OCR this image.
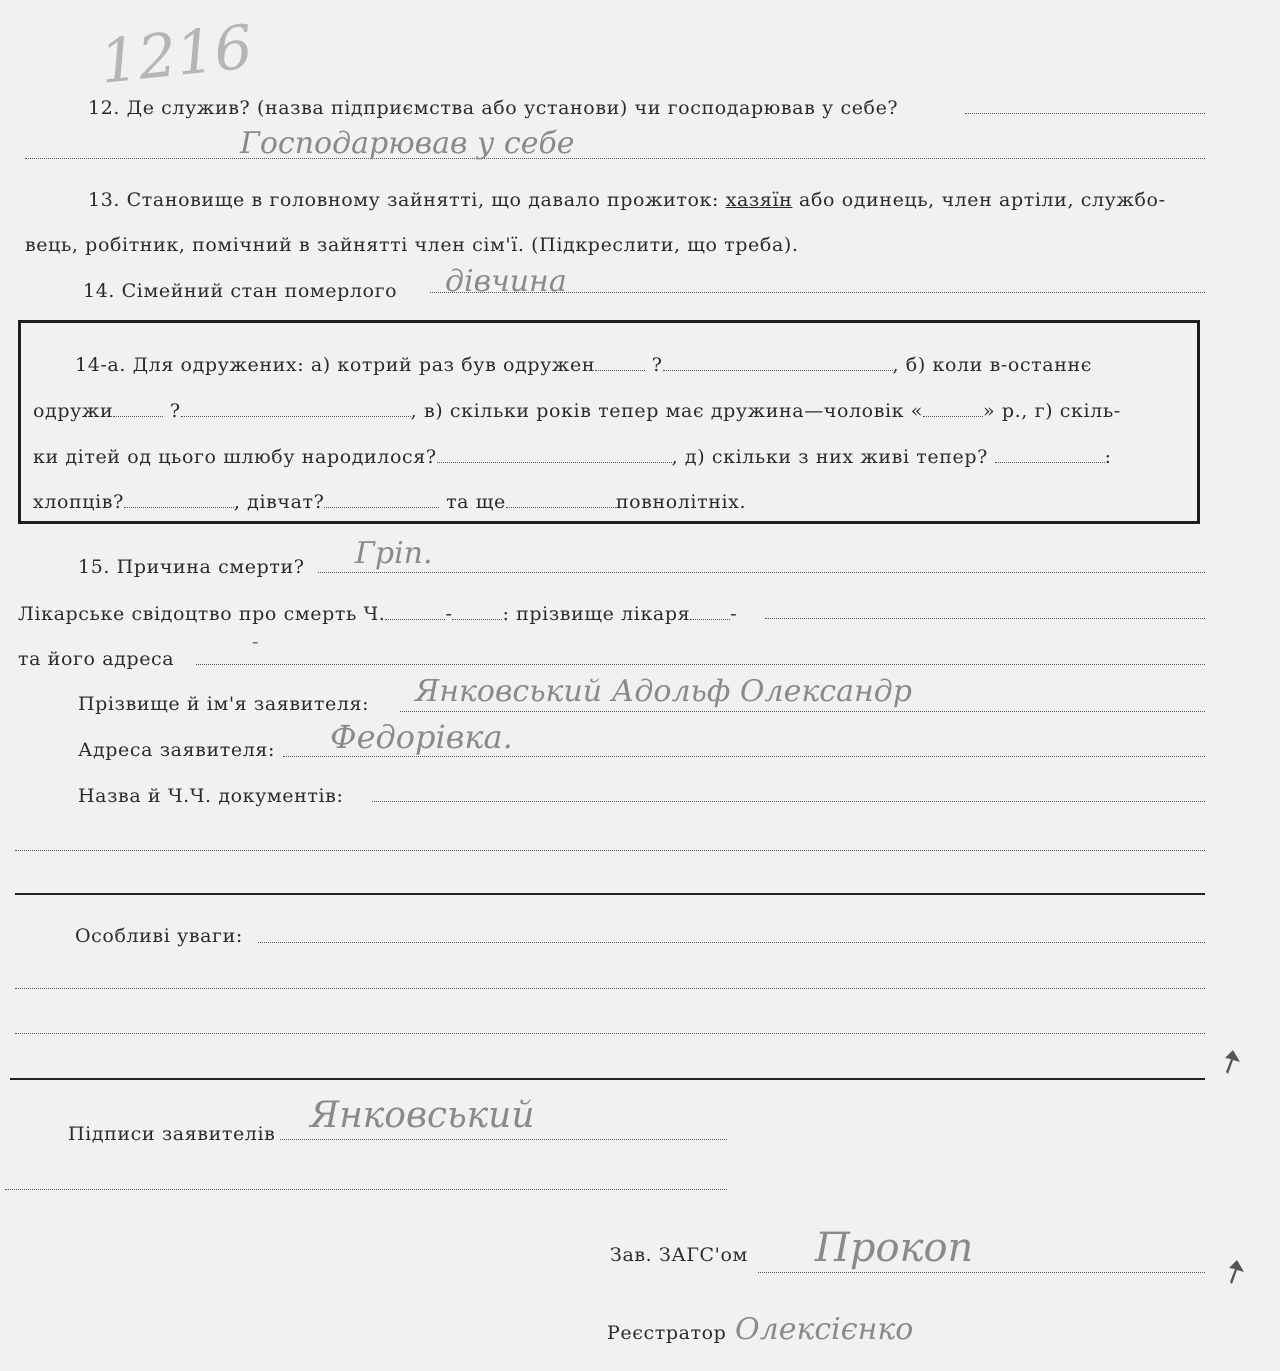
1216
12. Де служив? (назва підприємства або установи) чи господарював у себе?
Господарював у себе
13. Становище в головному зайнятті, що давало прожиток: хазяїн або одинець, член артіли, службо-
вець, робітник, помічний в зайнятті член сім'ї. (Підкреслити, що треба).
14. Сімейний стан померлого дівчина
14-а. Для одружених: а) котрий раз був одружен	?	, б) коли в-останнє
одружи	?	, в) скільки років тепер має дружина—чоловік «	» р., г) скіль-
ки дітей од цього шлюбу народилося?	, д) скільки з них живі тепер?	:
хлопців?	, дівчат?	та ще	повнолітніх.
15. Причина смерти? Грiп.
Лікарське свідоцтво про смерть Ч.	-	: прізвище лікаря -
та його адреса
-
Прізвище й ім'я заявителя: Янковський Адольф Олександр
Адреса заявителя: Федорівка.
Назва й Ч.Ч. документів:
Особливі уваги:
Підписи заявителів Янковський
Зав. ЗАГС'ом Прокоп
Реєстратор Олексієнко
